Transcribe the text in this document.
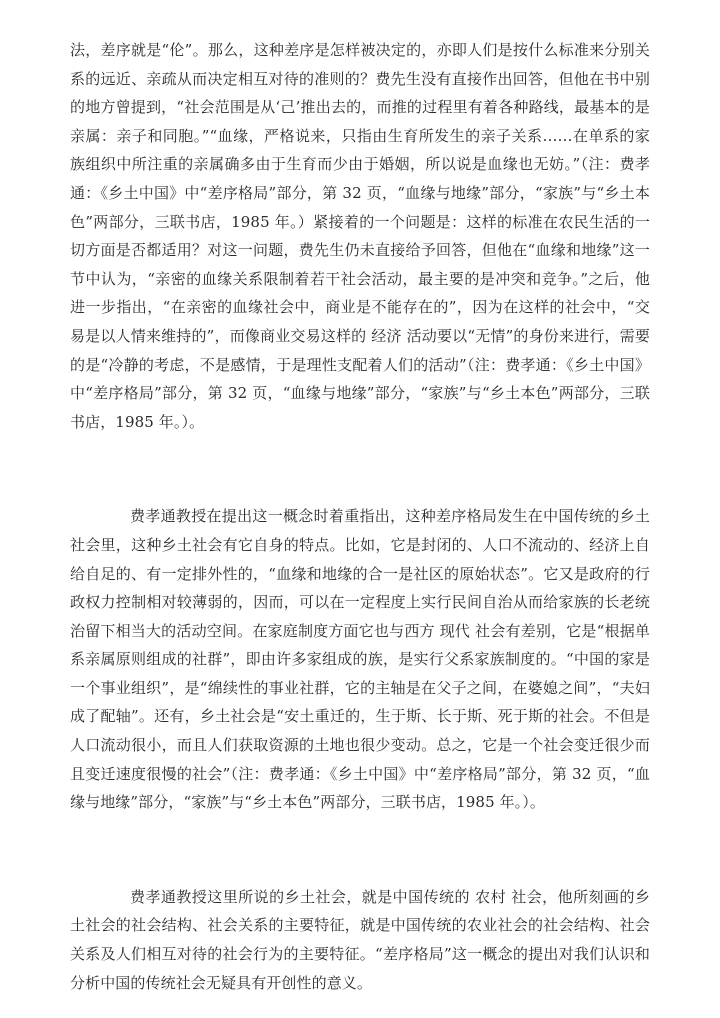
法，差序就是“伦”。那么，这种差序是怎样被决定的，亦即人们是按什么标准来分别关系的远近、亲疏从而决定相互对待的准则的？费先生没有直接作出回答，但他在书中别的地方曾提到，“社会范围是从‘己’推出去的，而推的过程里有着各种路线，最基本的是亲属：亲子和同胞。”“血缘，严格说来，只指由生育所发生的亲子关系……在单系的家族组织中所注重的亲属确多由于生育而少由于婚姻，所以说是血缘也无妨。”（注：费孝通：《乡土中国》中“差序格局”部分，第 32 页，“血缘与地缘”部分，“家族”与“乡土本色”两部分，三联书店，1985 年。）紧接着的一个问题是：这样的标准在农民生活的一切方面是否都适用？对这一问题，费先生仍未直接给予回答，但他在“血缘和地缘”这一节中认为，“亲密的血缘关系限制着若干社会活动，最主要的是冲突和竞争。”之后，他进一步指出，“在亲密的血缘社会中，商业是不能存在的”，因为在这样的社会中，“交易是以人情来维持的”，而像商业交易这样的 经济 活动要以“无情”的身份来进行，需要的是“冷静的考虑，不是感情，于是理性支配着人们的活动”（注：费孝通：《乡土中国》中“差序格局”部分，第 32 页，“血缘与地缘”部分，“家族”与“乡土本色”两部分，三联书店，1985 年。）。

费孝通教授在提出这一概念时着重指出，这种差序格局发生在中国传统的乡土社会里，这种乡土社会有它自身的特点。比如，它是封闭的、人口不流动的、经济上自给自足的、有一定排外性的，“血缘和地缘的合一是社区的原始状态”。它又是政府的行政权力控制相对较薄弱的，因而，可以在一定程度上实行民间自治从而给家族的长老统治留下相当大的活动空间。在家庭制度方面它也与西方 现代 社会有差别，它是“根据单系亲属原则组成的社群”，即由许多家组成的族，是实行父系家族制度的。“中国的家是一个事业组织”，是“绵续性的事业社群，它的主轴是在父子之间，在婆媳之间”，“夫妇成了配轴”。还有，乡土社会是“安土重迁的，生于斯、长于斯、死于斯的社会。不但是人口流动很小，而且人们获取资源的土地也很少变动。总之，它是一个社会变迁很少而且变迁速度很慢的社会”（注：费孝通：《乡土中国》中“差序格局”部分，第 32 页，“血缘与地缘”部分，“家族”与“乡土本色”两部分，三联书店，1985 年。）。

费孝通教授这里所说的乡土社会，就是中国传统的 农村 社会，他所刻画的乡土社会的社会结构、社会关系的主要特征，就是中国传统的农业社会的社会结构、社会关系及人们相互对待的社会行为的主要特征。“差序格局”这一概念的提出对我们认识和分析中国的传统社会无疑具有开创性的意义。
